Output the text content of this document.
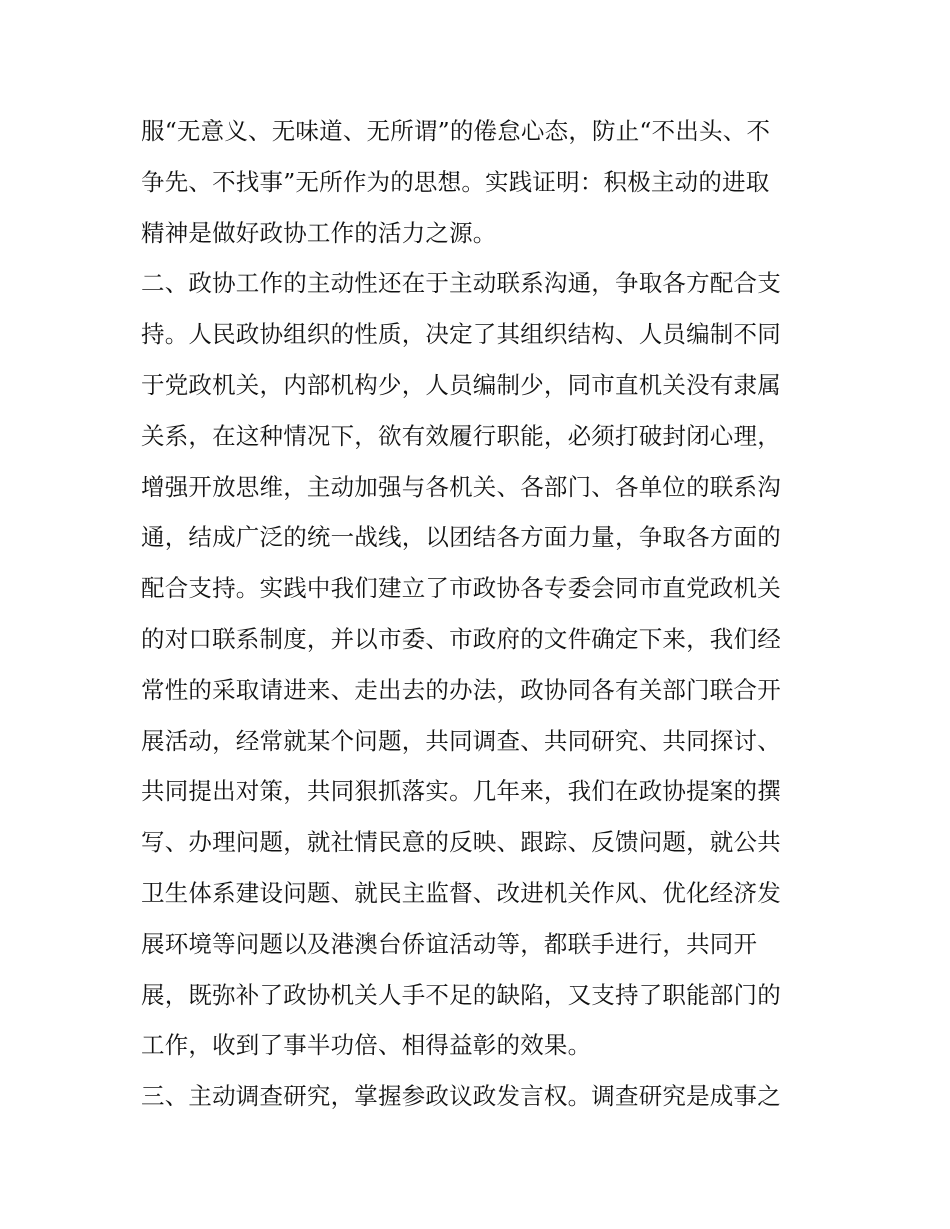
服“无意义、无味道、无所谓”的倦怠心态，防止“不出头、不
争先、不找事”无所作为的思想。实践证明：积极主动的进取
精神是做好政协工作的活力之源。
二、政协工作的主动性还在于主动联系沟通，争取各方配合支
持。人民政协组织的性质，决定了其组织结构、人员编制不同
于党政机关，内部机构少，人员编制少，同市直机关没有隶属
关系，在这种情况下，欲有效履行职能，必须打破封闭心理，
增强开放思维，主动加强与各机关、各部门、各单位的联系沟
通，结成广泛的统一战线，以团结各方面力量，争取各方面的
配合支持。实践中我们建立了市政协各专委会同市直党政机关
的对口联系制度，并以市委、市政府的文件确定下来，我们经
常性的采取请进来、走出去的办法，政协同各有关部门联合开
展活动，经常就某个问题，共同调查、共同研究、共同探讨、
共同提出对策，共同狠抓落实。几年来，我们在政协提案的撰
写、办理问题，就社情民意的反映、跟踪、反馈问题，就公共
卫生体系建设问题、就民主监督、改进机关作风、优化经济发
展环境等问题以及港澳台侨谊活动等，都联手进行，共同开
展，既弥补了政协机关人手不足的缺陷，又支持了职能部门的
工作，收到了事半功倍、相得益彰的效果。
三、主动调查研究，掌握参政议政发言权。调查研究是成事之
